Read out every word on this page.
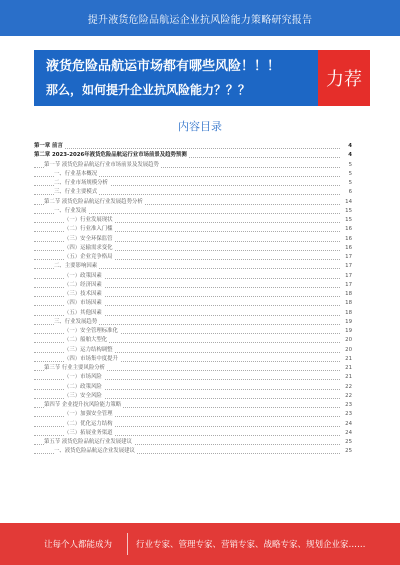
提升液货危险品航运企业抗风险能力策略研究报告
液货危险品航运市场都有哪些风险！！！
那么，如何提升企业抗风险能力？？？	力荐
内容目录
第一章 前言	4
第二章 2023-2026年液货危险品航运行业市场前景及趋势预测	4
第一节 液货危险品航运行业市场前景及发展趋势	5
一、行业基本概况	5
二、行业市场规模分析	5
三、行业主要模式	6
第二节 液货危险品航运行业发展趋势分析	14
一、行业发展	15
（一）行业发展现状	15
（二）行业准入门槛	16
（三）安全环保监管	16
（四）运输需求变化	16
（五）企业竞争格局	17
二、主要影响因素	17
（一）政策因素	17
（二）经济因素	17
（三）技术因素	18
（四）市场因素	18
（五）其他因素	18
三、行业发展趋势	19
（一）安全管理标准化	19
（二）船舶大型化	20
（三）运力结构调整	20
（四）市场集中度提升	21
第三节 行业主要风险分析	21
（一）市场风险	21
（二）政策风险	22
（三）安全风险	22
第四节 企业提升抗风险能力策略	23
（一）加强安全管理	23
（二）优化运力结构	24
（三）拓展业务渠道	24
第五节 液货危险品航运行业发展建议	25
一、液货危险品航运企业发展建议	25
让每个人都能成为	行业专家、管理专家、营销专家、战略专家、规划企业家……
